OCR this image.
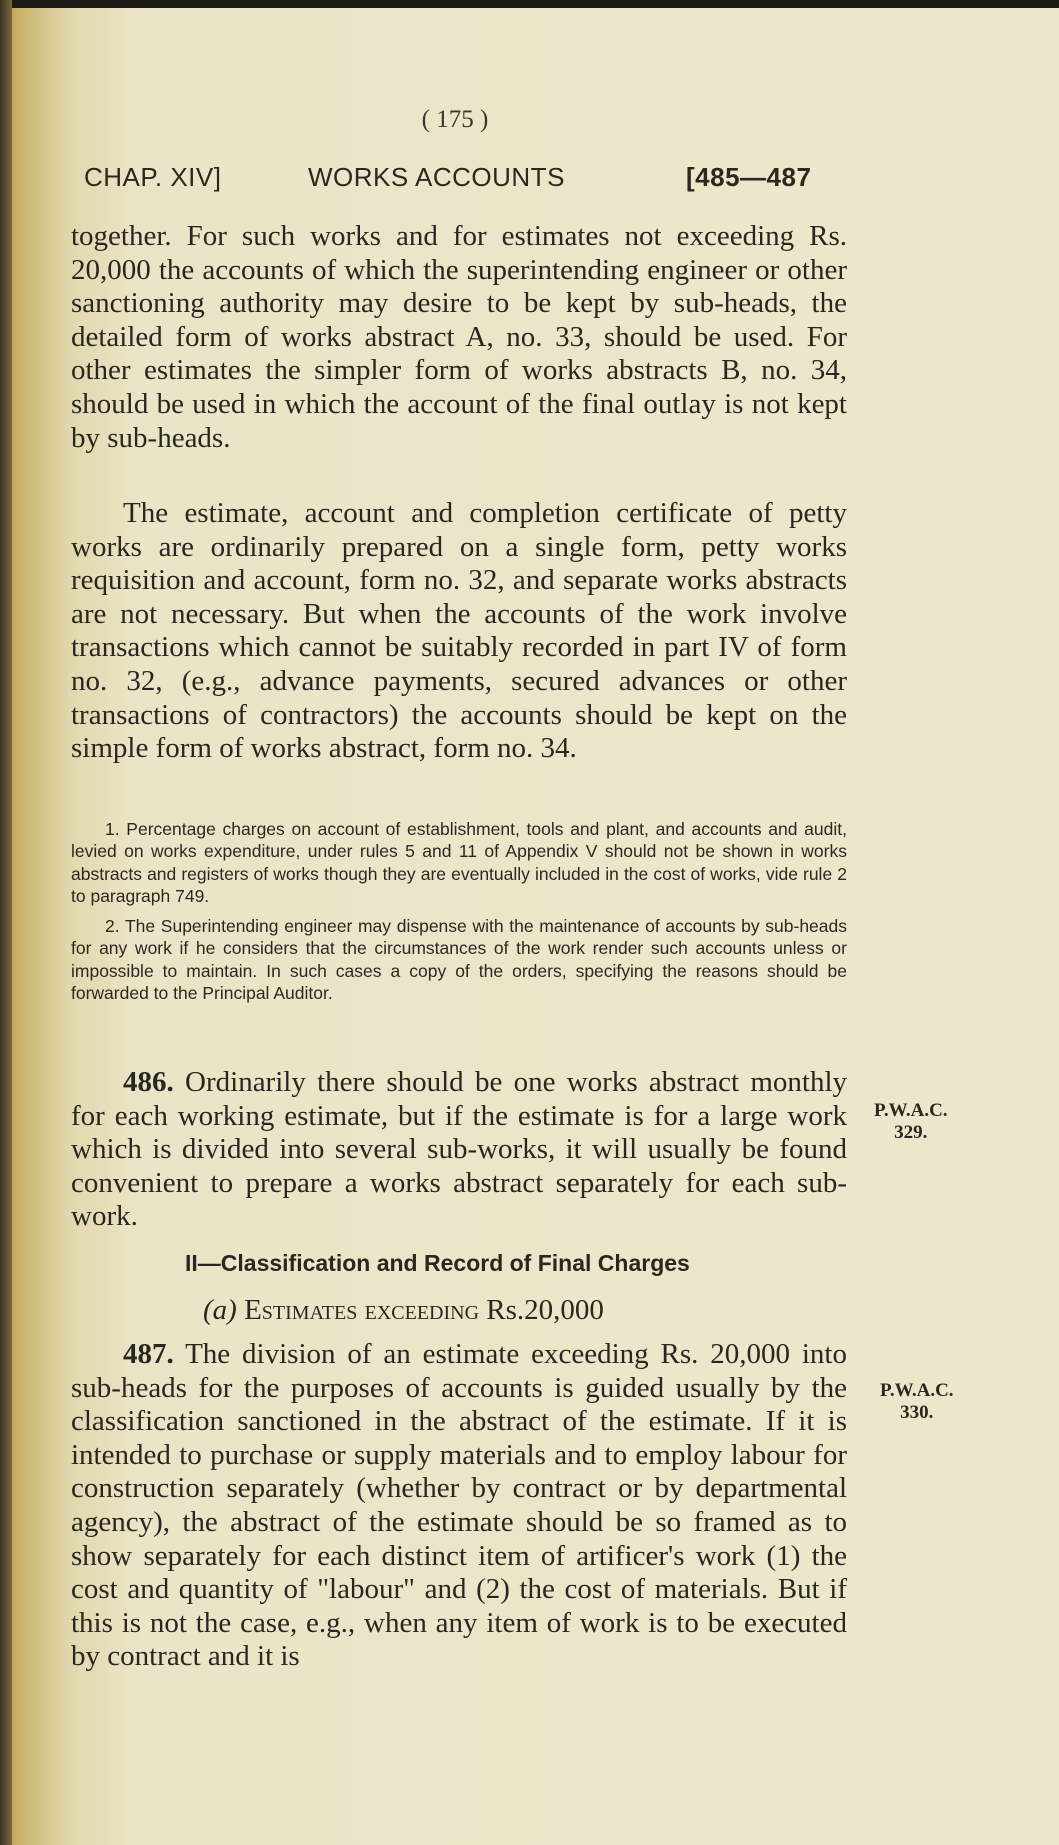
( 175 )
CHAP. XIV]	WORKS ACCOUNTS	[485—487

together. For such works and for estimates not exceeding Rs. 20,000 the accounts of which the superintending engineer or other sanctioning authority may desire to be kept by sub-heads, the detailed form of works abstract A, no. 33, should be used. For other estimates the simpler form of works abstracts B, no. 34, should be used in which the account of the final outlay is not kept by sub-heads.

The estimate, account and completion certificate of petty works are ordinarily prepared on a single form, petty works requisition and account, form no. 32, and separate works abstracts are not necessary. But when the accounts of the work involve transactions which cannot be suitably recorded in part IV of form no. 32, (e.g., advance payments, secured advances or other transactions of contractors) the accounts should be kept on the simple form of works abstract, form no. 34.

1. Percentage charges on account of establishment, tools and plant, and accounts and audit, levied on works expenditure, under rules 5 and 11 of Appendix V should not be shown in works abstracts and registers of works though they are eventually included in the cost of works, vide rule 2 to paragraph 749.

2. The Superintending engineer may dispense with the maintenance of accounts by sub-heads for any work if he considers that the circumstances of the work render such accounts unless or impossible to maintain. In such cases a copy of the orders, specifying the reasons should be forwarded to the Principal Auditor.

486. Ordinarily there should be one works abstract monthly for each working estimate, but if the estimate is for a large work which is divided into several sub-works, it will usually be found convenient to prepare a works abstract separately for each sub-work.

P.W.A.C.
329.
II—Classification and Record of Final Charges
(a) Estimates exceeding Rs.20,000

487. The division of an estimate exceeding Rs. 20,000 into sub-heads for the purposes of accounts is guided usually by the classification sanctioned in the abstract of the estimate. If it is intended to purchase or supply materials and to employ labour for construction separately (whether by contract or by departmental agency), the abstract of the estimate should be so framed as to show separately for each distinct item of artificer's work (1) the cost and quantity of "labour" and (2) the cost of materials. But if this is not the case, e.g., when any item of work is to be executed by contract and it is

P.W.A.C.
330.
